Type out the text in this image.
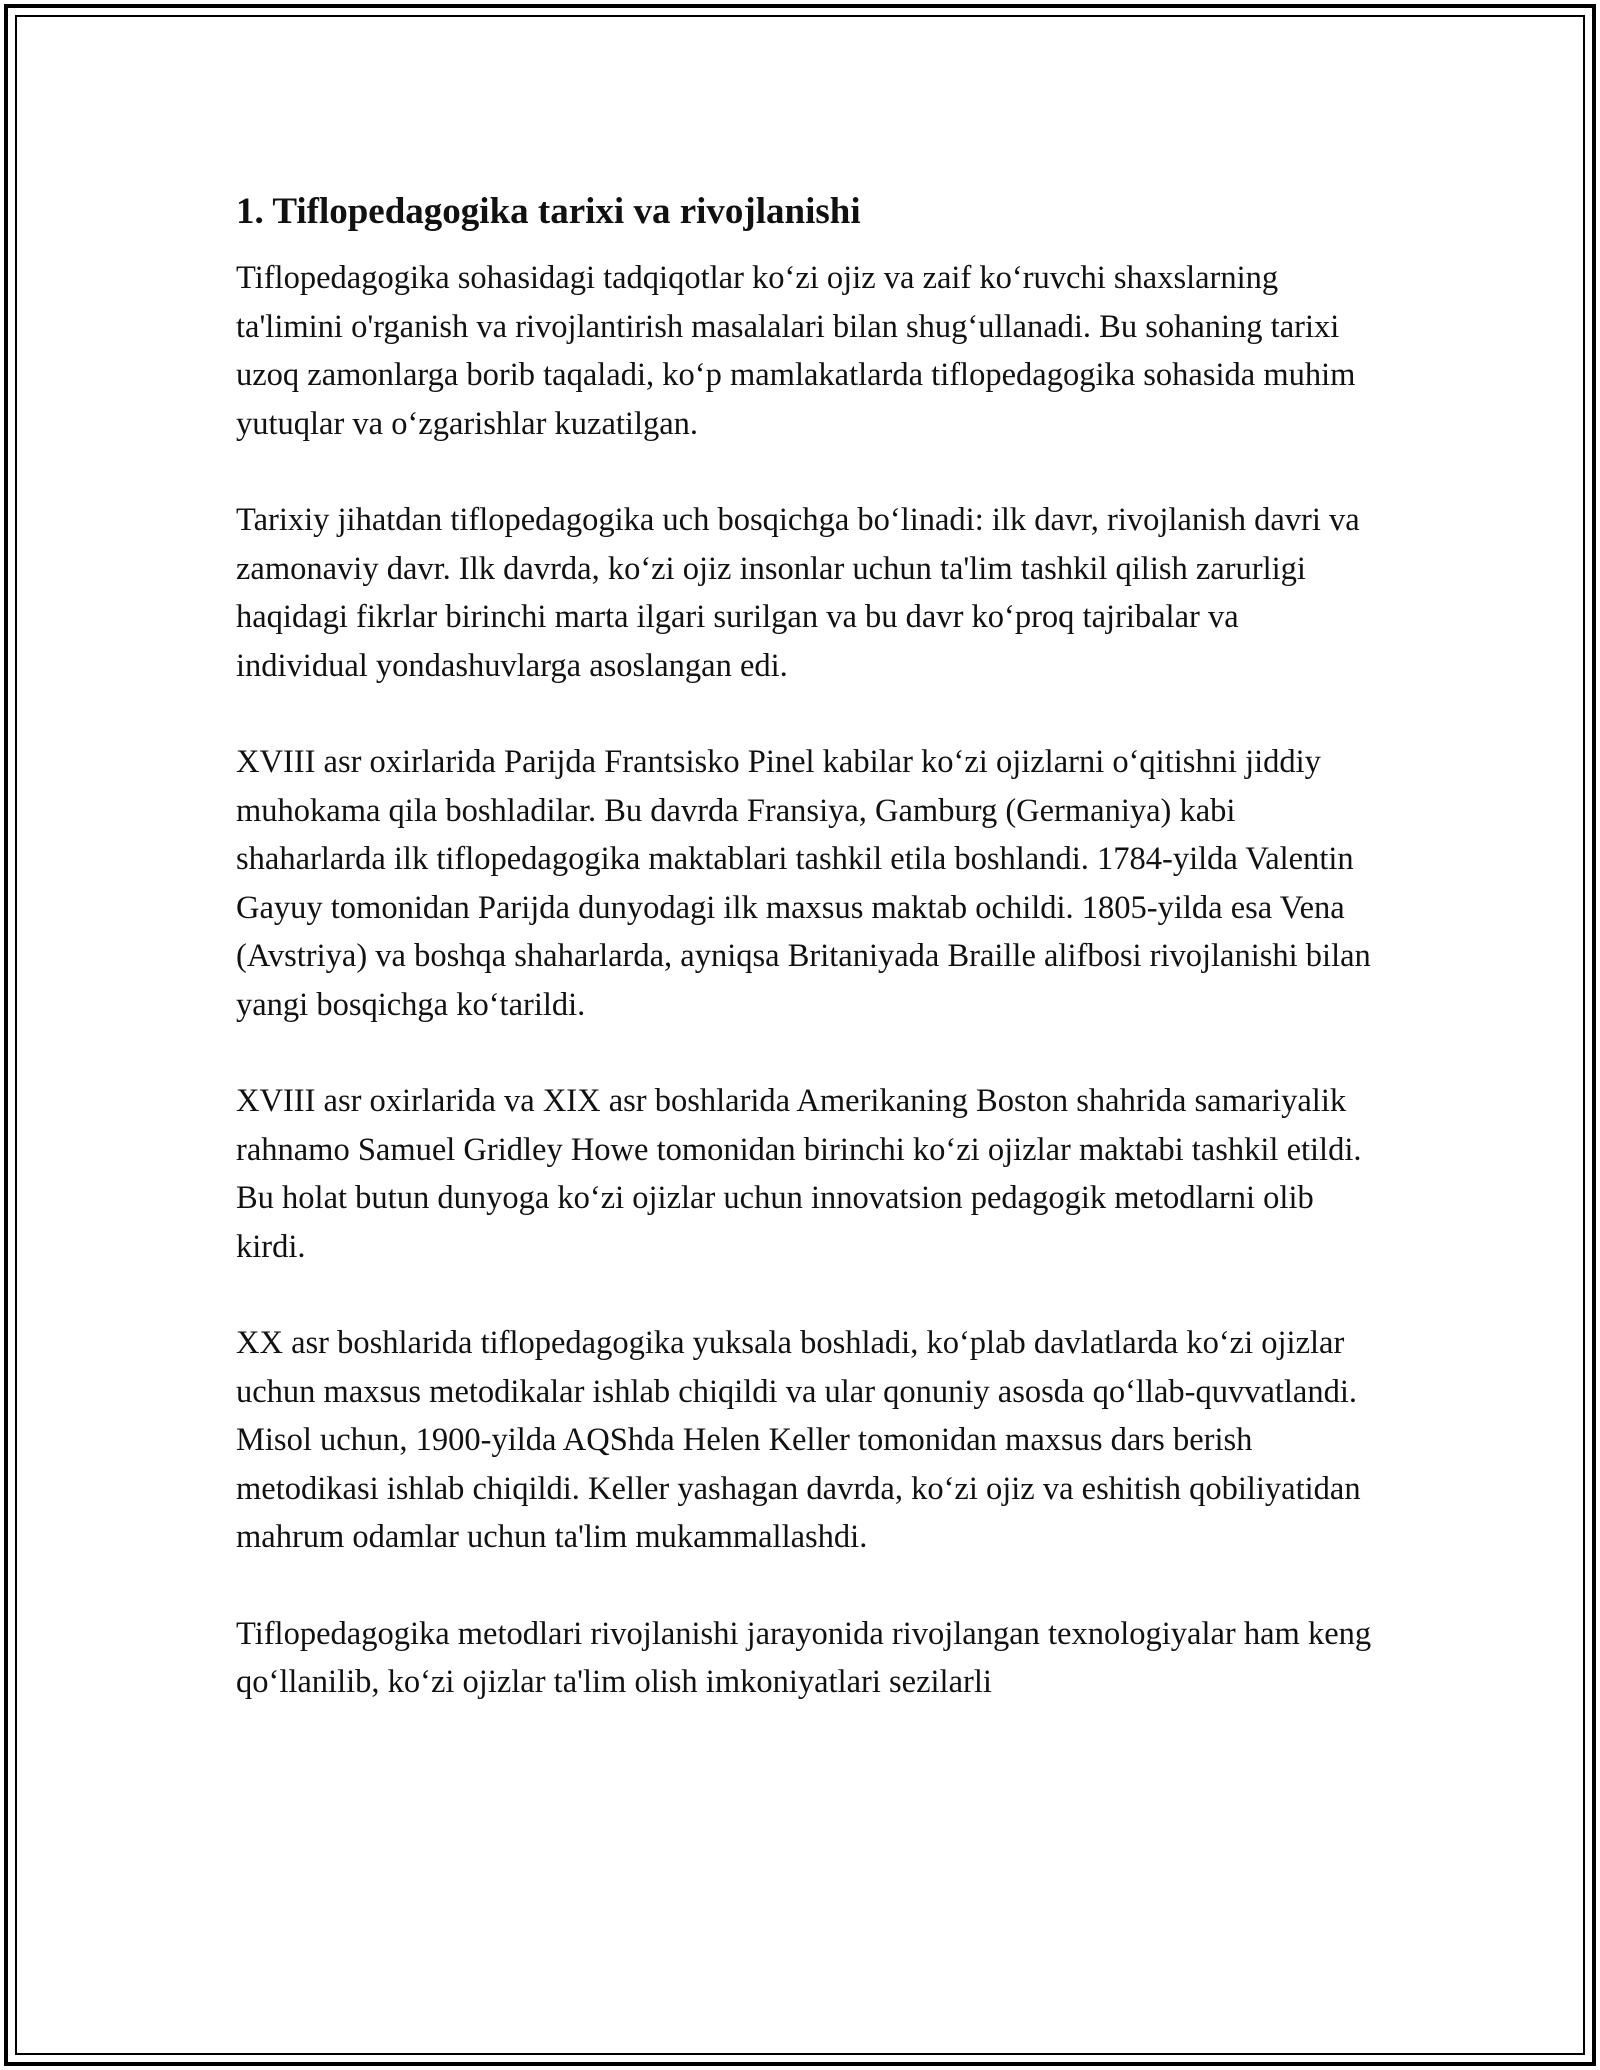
1. Tiflopedagogika tarixi va rivojlanishi

Tiflopedagogika sohasidagi tadqiqotlar ko‘zi ojiz va zaif ko‘ruvchi shaxslarning ta'limini o'rganish va rivojlantirish masalalari bilan shug‘ullanadi. Bu sohaning tarixi uzoq zamonlarga borib taqaladi, ko‘p mamlakatlarda tiflopedagogika sohasida muhim yutuqlar va o‘zgarishlar kuzatilgan.

Tarixiy jihatdan tiflopedagogika uch bosqichga bo‘linadi: ilk davr, rivojlanish davri va zamonaviy davr. Ilk davrda, ko‘zi ojiz insonlar uchun ta'lim tashkil qilish zarurligi haqidagi fikrlar birinchi marta ilgari surilgan va bu davr ko‘proq tajribalar va individual yondashuvlarga asoslangan edi.

XVIII asr oxirlarida Parijda Frantsisko Pinel kabilar ko‘zi ojizlarni o‘qitishni jiddiy muhokama qila boshladilar. Bu davrda Fransiya, Gamburg (Germaniya) kabi shaharlarda ilk tiflopedagogika maktablari tashkil etila boshlandi. 1784-yilda Valentin Gayuy tomonidan Parijda dunyodagi ilk maxsus maktab ochildi. 1805-yilda esa Vena (Avstriya) va boshqa shaharlarda, ayniqsa Britaniyada Braille alifbosi rivojlanishi bilan yangi bosqichga ko‘tarildi.

XVIII asr oxirlarida va XIX asr boshlarida Amerikaning Boston shahrida samariyalik rahnamo Samuel Gridley Howe tomonidan birinchi ko‘zi ojizlar maktabi tashkil etildi. Bu holat butun dunyoga ko‘zi ojizlar uchun innovatsion pedagogik metodlarni olib kirdi.

XX asr boshlarida tiflopedagogika yuksala boshladi, ko‘plab davlatlarda ko‘zi ojizlar uchun maxsus metodikalar ishlab chiqildi va ular qonuniy asosda qo‘llab-quvvatlandi. Misol uchun, 1900-yilda AQShda Helen Keller tomonidan maxsus dars berish metodikasi ishlab chiqildi. Keller yashagan davrda, ko‘zi ojiz va eshitish qobiliyatidan mahrum odamlar uchun ta'lim mukammallashdi.

Tiflopedagogika metodlari rivojlanishi jarayonida rivojlangan texnologiyalar ham keng qo‘llanilib, ko‘zi ojizlar ta'lim olish imkoniyatlari sezilarli
